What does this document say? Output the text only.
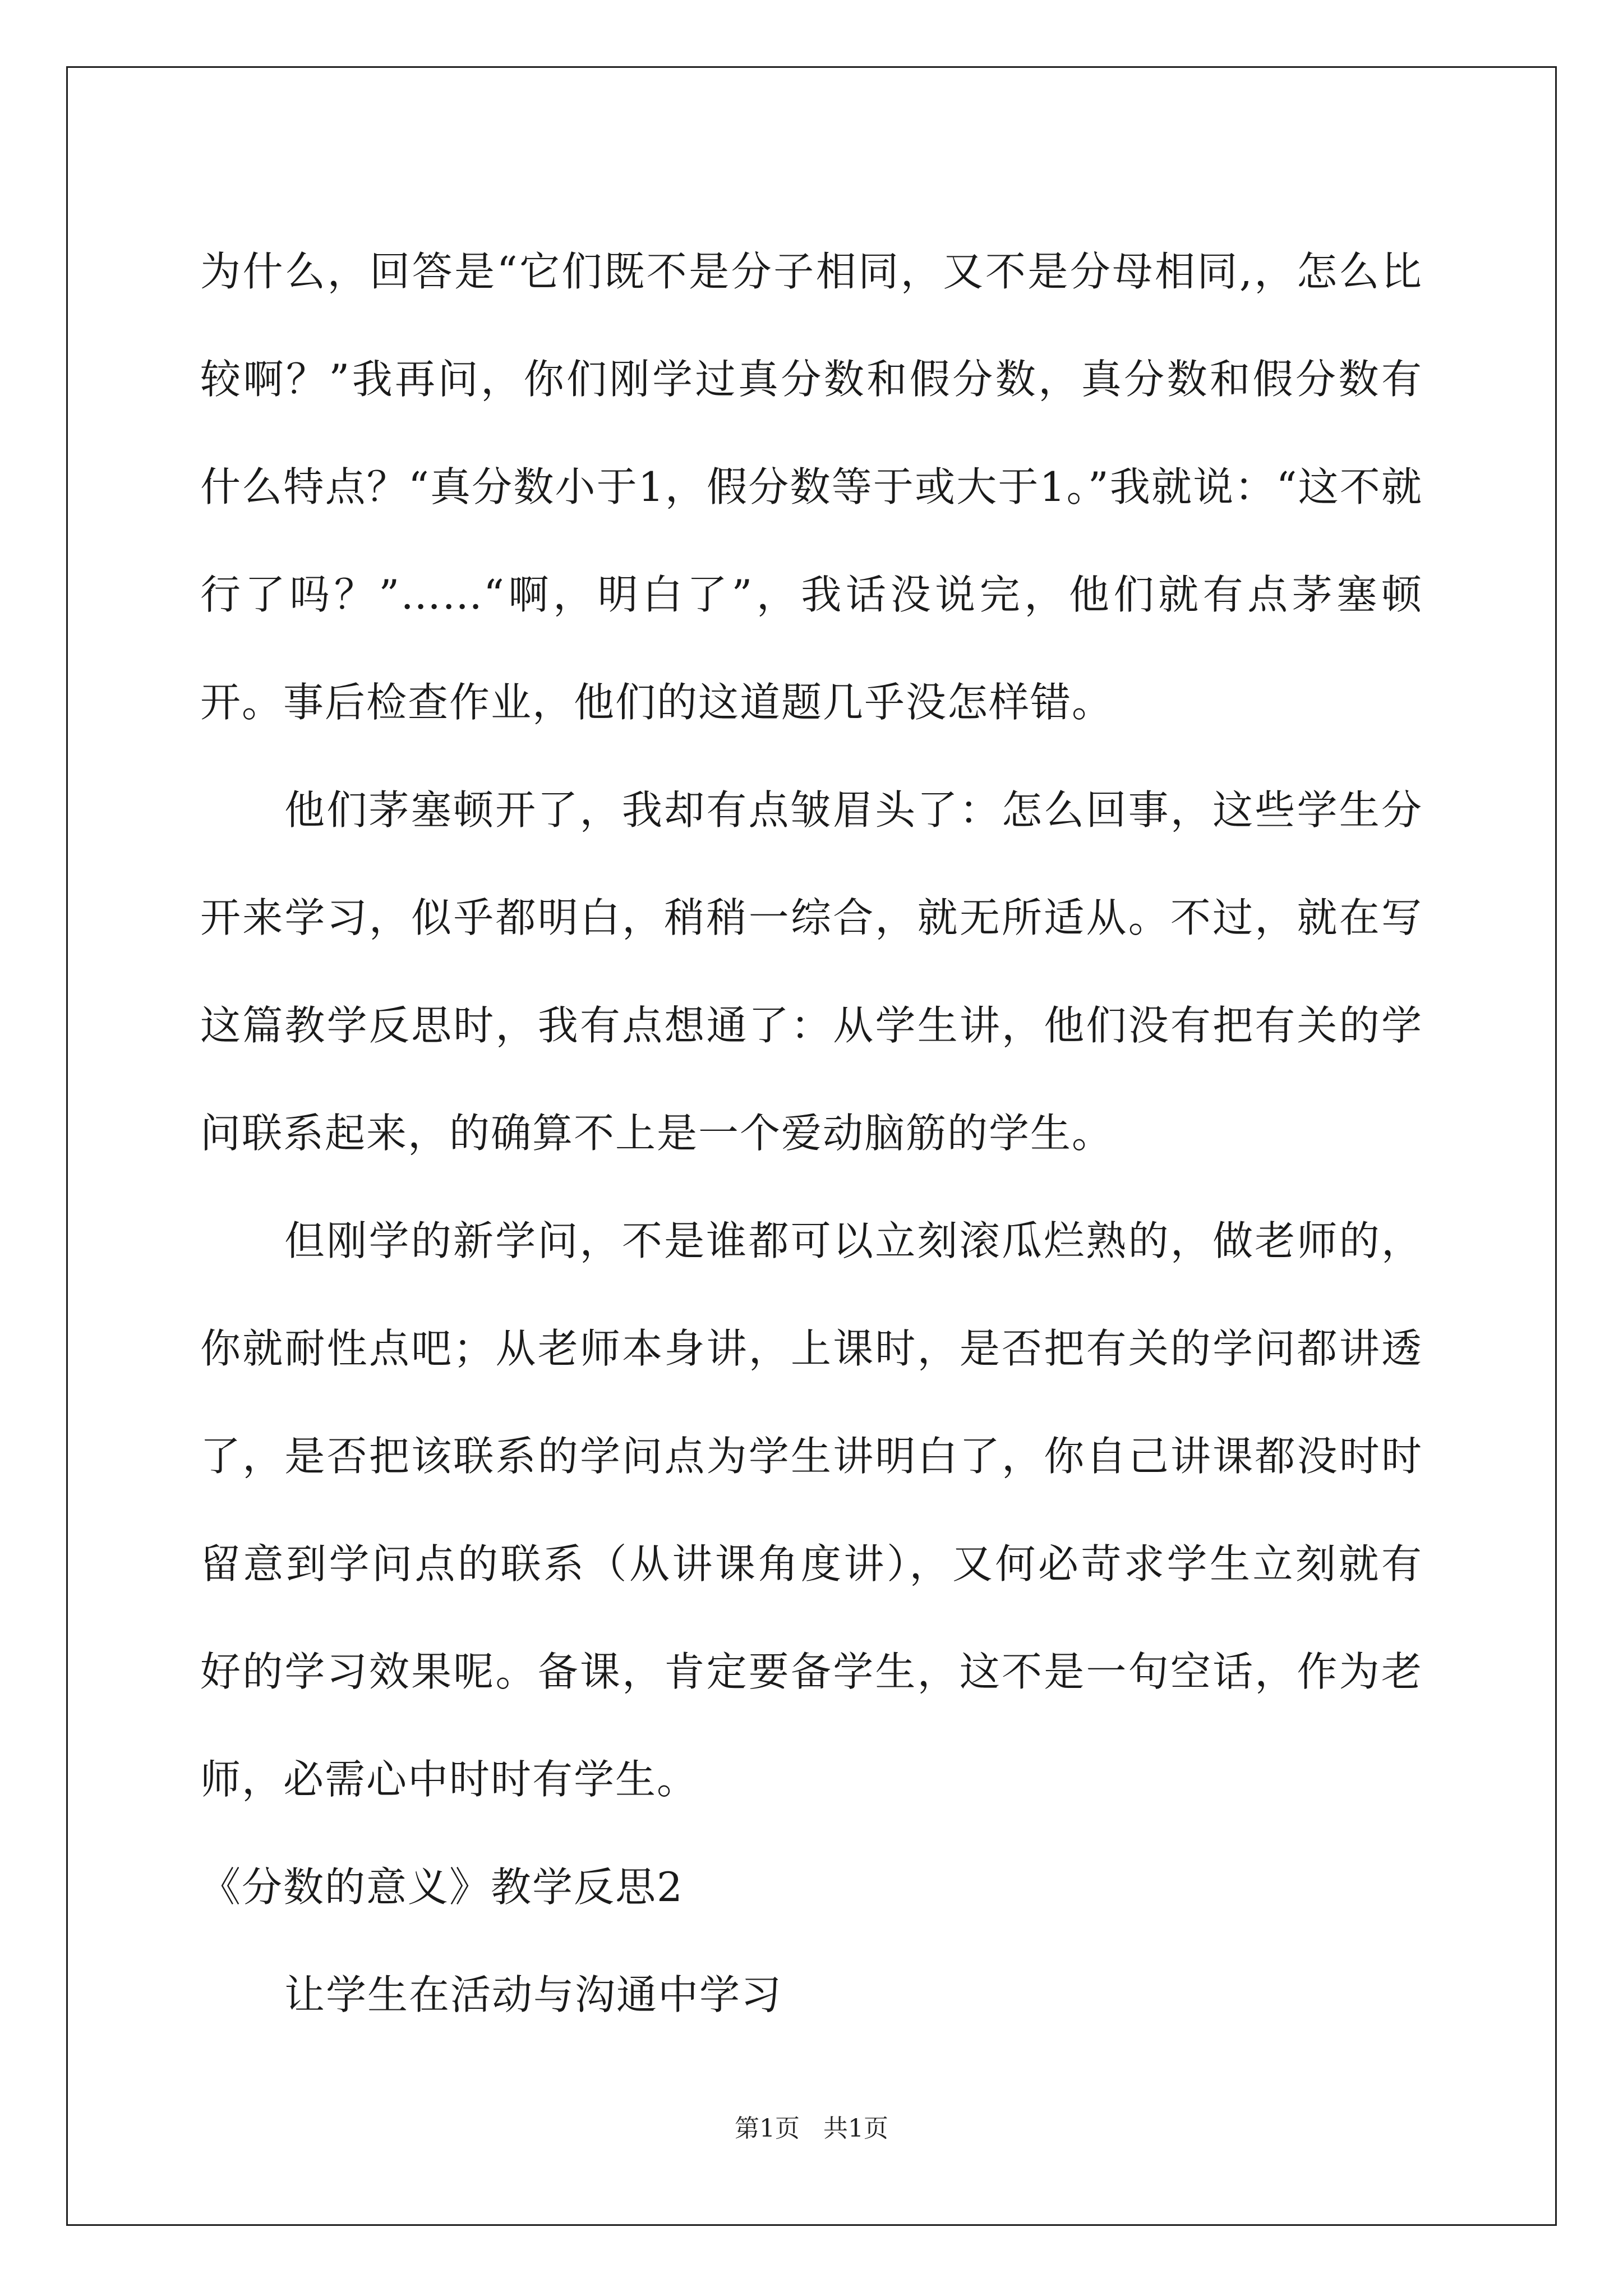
为什么，回答是“它们既不是分子相同，又不是分母相同,，怎么比较啊？”我再问，你们刚学过真分数和假分数，真分数和假分数有什么特点？“真分数小于1，假分数等于或大于1。”我就说：“这不就行了吗？”……“啊，明白了”，我话没说完，他们就有点茅塞顿开。事后检查作业，他们的这道题几乎没怎样错。

他们茅塞顿开了，我却有点皱眉头了：怎么回事，这些学生分开来学习，似乎都明白，稍稍一综合，就无所适从。不过，就在写这篇教学反思时，我有点想通了：从学生讲，他们没有把有关的学问联系起来，的确算不上是一个爱动脑筋的学生。

但刚学的新学问，不是谁都可以立刻滚瓜烂熟的，做老师的，你就耐性点吧；从老师本身讲，上课时，是否把有关的学问都讲透了，是否把该联系的学问点为学生讲明白了，你自己讲课都没时时留意到学问点的联系（从讲课角度讲），又何必苛求学生立刻就有好的学习效果呢。备课，肯定要备学生，这不是一句空话，作为老师，必需心中时时有学生。

《分数的意义》教学反思2

让学生在活动与沟通中学习

第1页 共1页
